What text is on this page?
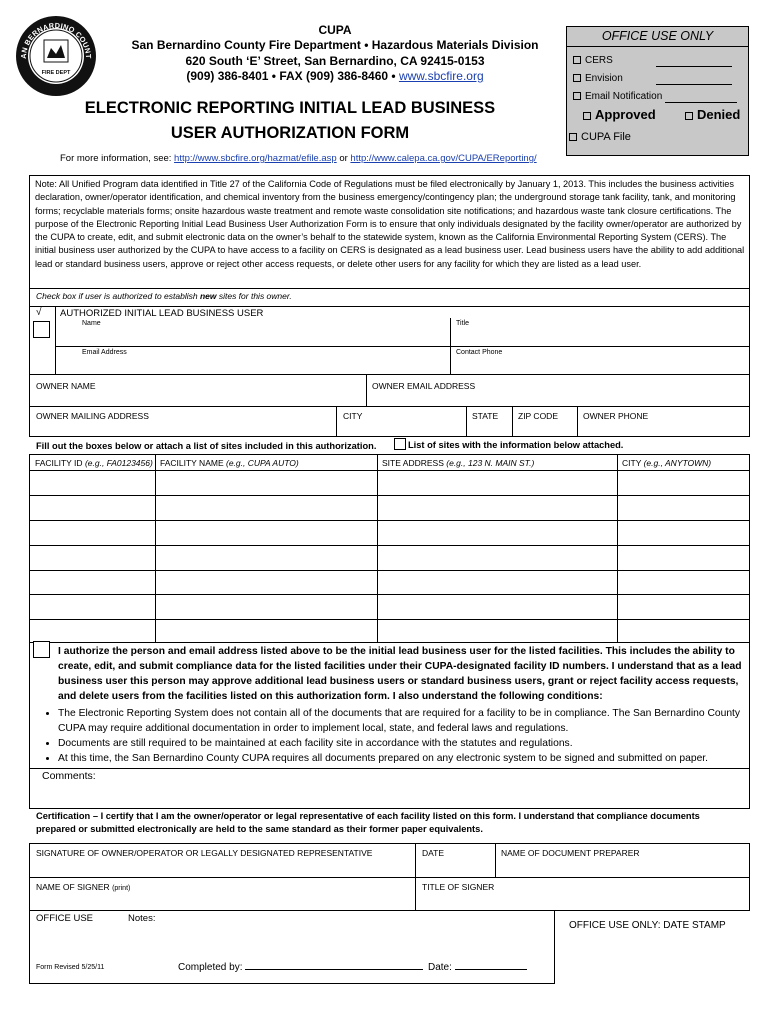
AN BERNARDINO COUNT
FIRE DEPT
CUPA
San Bernardino County Fire Department • Hazardous Materials Division
620 South ‘E’ Street, San Bernardino, CA 92415-0153
(909) 386-8401 • FAX (909) 386-8460 • www.sbcfire.org
ELECTRONIC REPORTING INITIAL LEAD BUSINESS
USER AUTHORIZATION FORM
For more information, see: http://www.sbcfire.org/hazmat/efile.asp or http://www.calepa.ca.gov/CUPA/EReporting/
OFFICE USE ONLY
CERS
Envision
Email Notification
Approved	Denied
CUPA File
Note: All Unified Program data identified in Title 27 of the California Code of Regulations must be filed electronically by January 1, 2013. This includes the business activities declaration, owner/operator identification, and chemical inventory from the business emergency/contingency plan; the underground storage tank facility, tank, and monitoring forms; recyclable materials forms; onsite hazardous waste treatment and remote waste consolidation site notifications; and hazardous waste tank closure certifications. The purpose of the Electronic Reporting Initial Lead Business User Authorization Form is to ensure that only individuals designated by the facility owner/operator are authorized by the CUPA to create, edit, and submit electronic data on the owner’s behalf to the statewide system, known as the California Environmental Reporting System (CERS). The initial business user authorized by the CUPA to have access to a facility on CERS is designated as a lead business user. Lead business users have the ability to add additional lead or standard business users, approve or reject other access requests, or delete other users for any facility for which they are listed as a lead user.
Check box if user is authorized to establish new sites for this owner.
√ AUTHORIZED INITIAL LEAD BUSINESS USER
Name	Title
Email Address	Contact Phone
OWNER NAME	OWNER EMAIL ADDRESS
OWNER MAILING ADDRESS	CITY	STATE ZIP CODE	OWNER PHONE
Fill out the boxes below or attach a list of sites included in this authorization.	List of sites with the information below attached.
FACILITY ID (e.g., FA0123456) FACILITY NAME (e.g., CUPA AUTO)	SITE ADDRESS (e.g., 123 N. MAIN ST.)	CITY (e.g., ANYTOWN)
I authorize the person and email address listed above to be the initial lead business user for the listed facilities. This includes the ability to create, edit, and submit compliance data for the listed facilities under their CUPA-designated facility ID numbers. I understand that as a lead business user this person may approve additional lead business users or standard business users, grant or reject facility access requests, and delete users from the facilities listed on this authorization form. I also understand the following conditions:
• The Electronic Reporting System does not contain all of the documents that are required for a facility to be in compliance. The San Bernardino County CUPA may require additional documentation in order to implement local, state, and federal laws and regulations.
• Documents are still required to be maintained at each facility site in accordance with the statutes and regulations.
• At this time, the San Bernardino County CUPA requires all documents prepared on any electronic system to be signed and submitted on paper.
Comments:
Certification – I certify that I am the owner/operator or legal representative of each facility listed on this form. I understand that compliance documents prepared or submitted electronically are held to the same standard as their former paper equivalents.
SIGNATURE OF OWNER/OPERATOR OR LEGALLY DESIGNATED REPRESENTATIVE	DATE	NAME OF DOCUMENT PREPARER
NAME OF SIGNER (print)	TITLE OF SIGNER
OFFICE USE	Notes:
Form Revised 5/25/11	Completed by:	Date:
OFFICE USE ONLY: DATE STAMP
